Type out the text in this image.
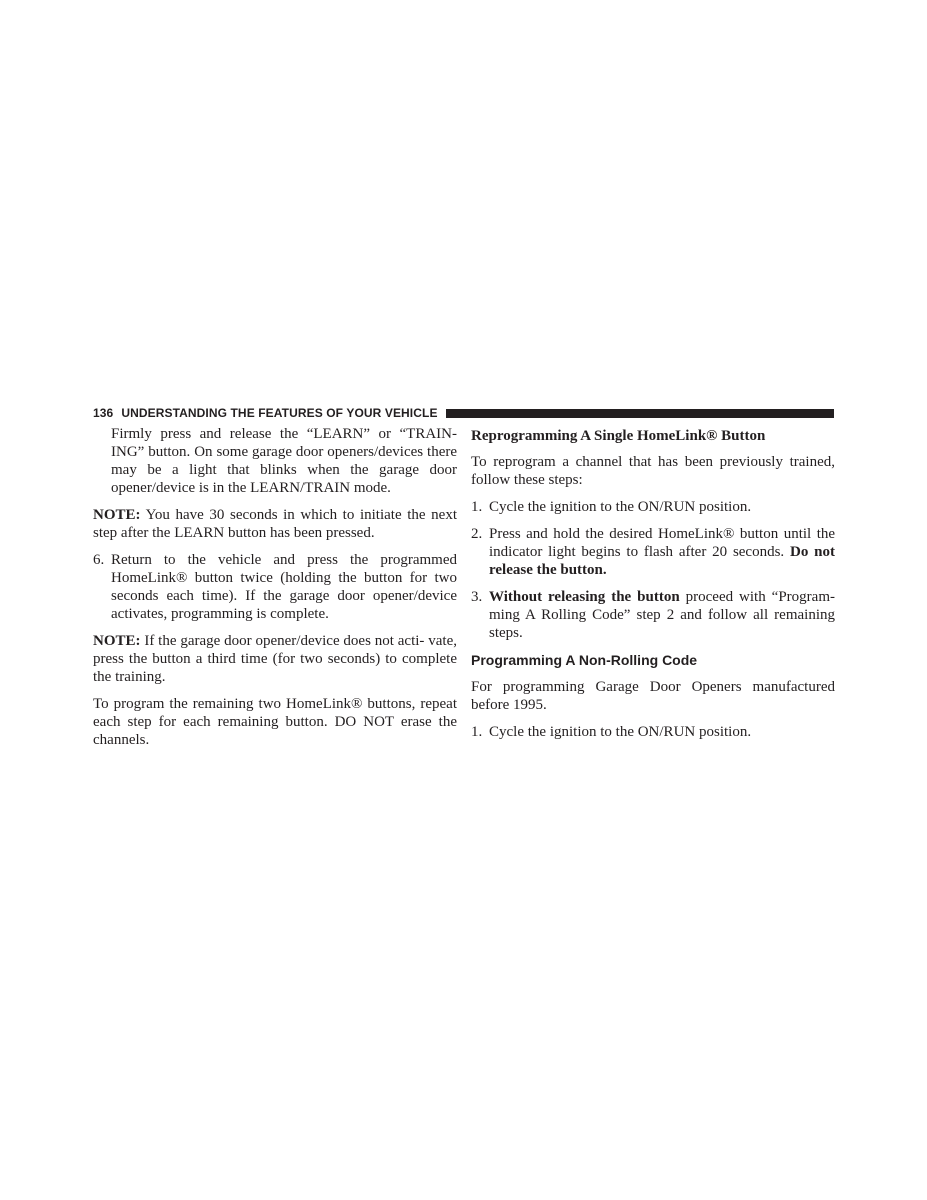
136 UNDERSTANDING THE FEATURES OF YOUR VEHICLE

Firmly press and release the “LEARN” or “TRAIN- ING” button. On some garage door openers/devices there may be a light that blinks when the garage door opener/device is in the LEARN/TRAIN mode.

NOTE: You have 30 seconds in which to initiate the next step after the LEARN button has been pressed.

6. Return to the vehicle and press the programmed HomeLink® button twice (holding the button for two seconds each time). If the garage door opener/device activates, programming is complete.

NOTE: If the garage door opener/device does not acti- vate, press the button a third time (for two seconds) to complete the training.

To program the remaining two HomeLink® buttons, repeat each step for each remaining button. DO NOT erase the channels.

Reprogramming A Single HomeLink® Button

To reprogram a channel that has been previously trained, follow these steps:

1. Cycle the ignition to the ON/RUN position.
2. Press and hold the desired HomeLink® button until the indicator light begins to flash after 20 seconds. Do not release the button.
3. Without releasing the button proceed with “Program- ming A Rolling Code” step 2 and follow all remaining steps.
Programming A Non-Rolling Code

For programming Garage Door Openers manufactured before 1995.

1. Cycle the ignition to the ON/RUN position.
